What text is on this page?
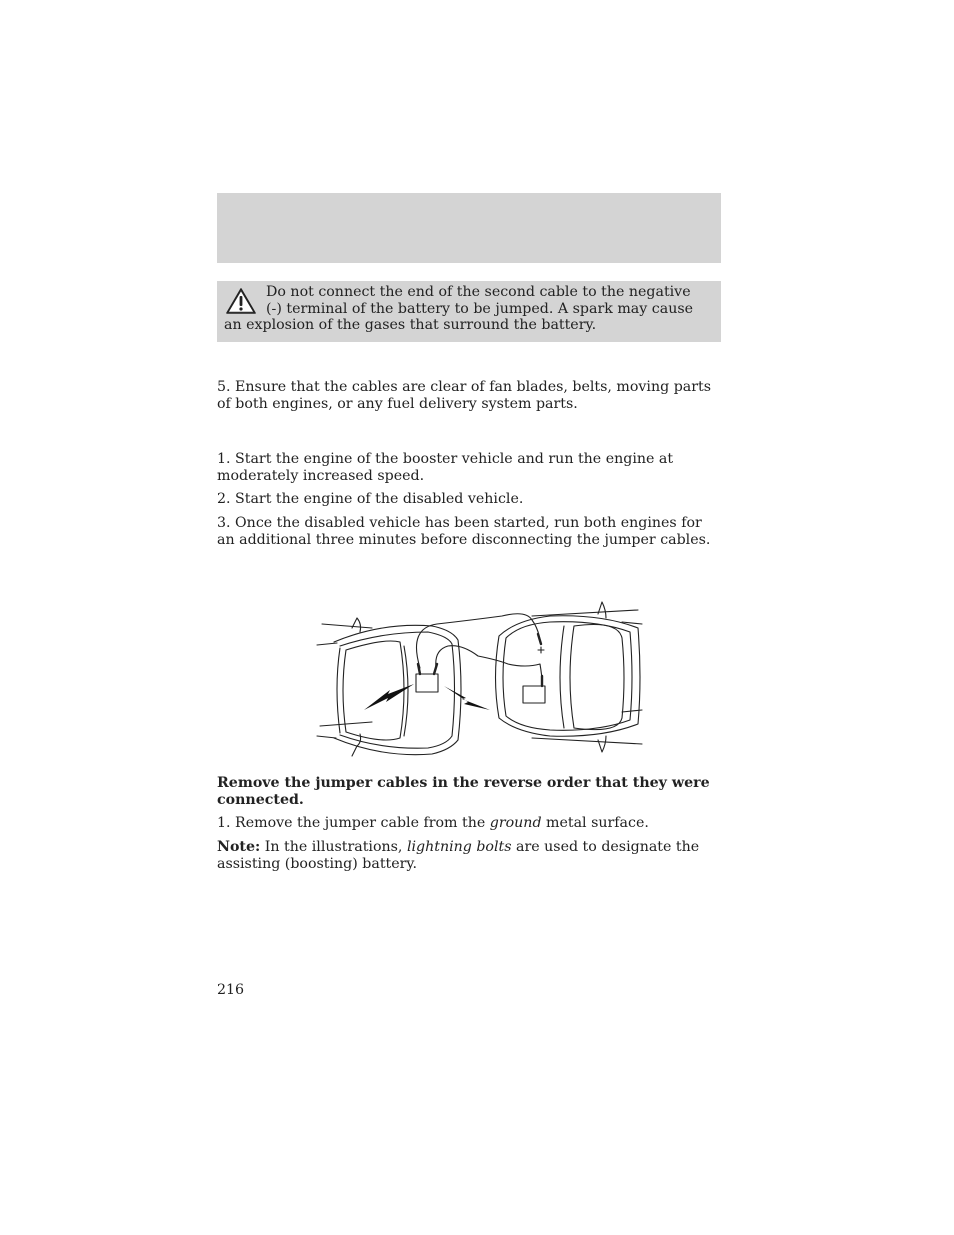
Do not connect the end of the second cable to the negative (-) terminal of the battery to be jumped. A spark may cause an explosion of the gases that surround the battery.

5. Ensure that the cables are clear of fan blades, belts, moving parts of both engines, or any fuel delivery system parts.

1. Start the engine of the booster vehicle and run the engine at moderately increased speed.

2. Start the engine of the disabled vehicle.

3. Once the disabled vehicle has been started, run both engines for an additional three minutes before disconnecting the jumper cables.

Remove the jumper cables in the reverse order that they were connected.

1. Remove the jumper cable from the ground metal surface.

Note: In the illustrations, lightning bolts are used to designate the assisting (boosting) battery.

216
